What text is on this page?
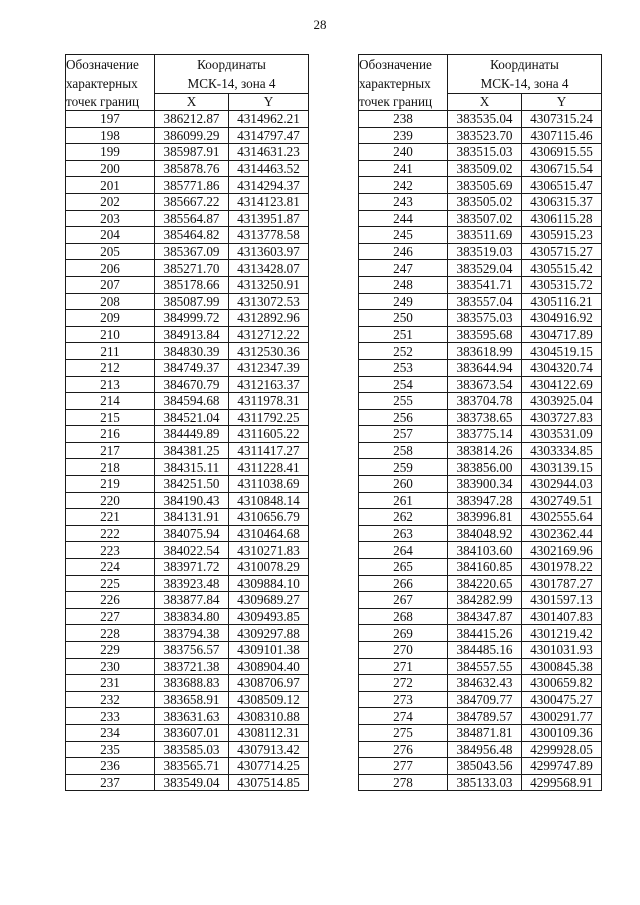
28
Обозначение	Координаты
МСК-14, зона 4	
характерных		
точек границ	X	Y
197	386212.87	4314962.21
198	386099.29	4314797.47
199	385987.91	4314631.23
200	385878.76	4314463.52
201	385771.86	4314294.37
202	385667.22	4314123.81
203	385564.87	4313951.87
204	385464.82	4313778.58
205	385367.09	4313603.97
206	385271.70	4313428.07
207	385178.66	4313250.91
208	385087.99	4313072.53
209	384999.72	4312892.96
210	384913.84	4312712.22
211	384830.39	4312530.36
212	384749.37	4312347.39
213	384670.79	4312163.37
214	384594.68	4311978.31
215	384521.04	4311792.25
216	384449.89	4311605.22
217	384381.25	4311417.27
218	384315.11	4311228.41
219	384251.50	4311038.69
220	384190.43	4310848.14
221	384131.91	4310656.79
222	384075.94	4310464.68
223	384022.54	4310271.83
224	383971.72	4310078.29
225	383923.48	4309884.10
226	383877.84	4309689.27
227	383834.80	4309493.85
228	383794.38	4309297.88
229	383756.57	4309101.38
230	383721.38	4308904.40
231	383688.83	4308706.97
232	383658.91	4308509.12
233	383631.63	4308310.88
234	383607.01	4308112.31
235	383585.03	4307913.42
236	383565.71	4307714.25
237	383549.04	4307514.85
Обозначение	Координаты
МСК-14, зона 4	
характерных		
точек границ	X	Y
238	383535.04	4307315.24
239	383523.70	4307115.46
240	383515.03	4306915.55
241	383509.02	4306715.54
242	383505.69	4306515.47
243	383505.02	4306315.37
244	383507.02	4306115.28
245	383511.69	4305915.23
246	383519.03	4305715.27
247	383529.04	4305515.42
248	383541.71	4305315.72
249	383557.04	4305116.21
250	383575.03	4304916.92
251	383595.68	4304717.89
252	383618.99	4304519.15
253	383644.94	4304320.74
254	383673.54	4304122.69
255	383704.78	4303925.04
256	383738.65	4303727.83
257	383775.14	4303531.09
258	383814.26	4303334.85
259	383856.00	4303139.15
260	383900.34	4302944.03
261	383947.28	4302749.51
262	383996.81	4302555.64
263	384048.92	4302362.44
264	384103.60	4302169.96
265	384160.85	4301978.22
266	384220.65	4301787.27
267	384282.99	4301597.13
268	384347.87	4301407.83
269	384415.26	4301219.42
270	384485.16	4301031.93
271	384557.55	4300845.38
272	384632.43	4300659.82
273	384709.77	4300475.27
274	384789.57	4300291.77
275	384871.81	4300109.36
276	384956.48	4299928.05
277	385043.56	4299747.89
278	385133.03	4299568.91
